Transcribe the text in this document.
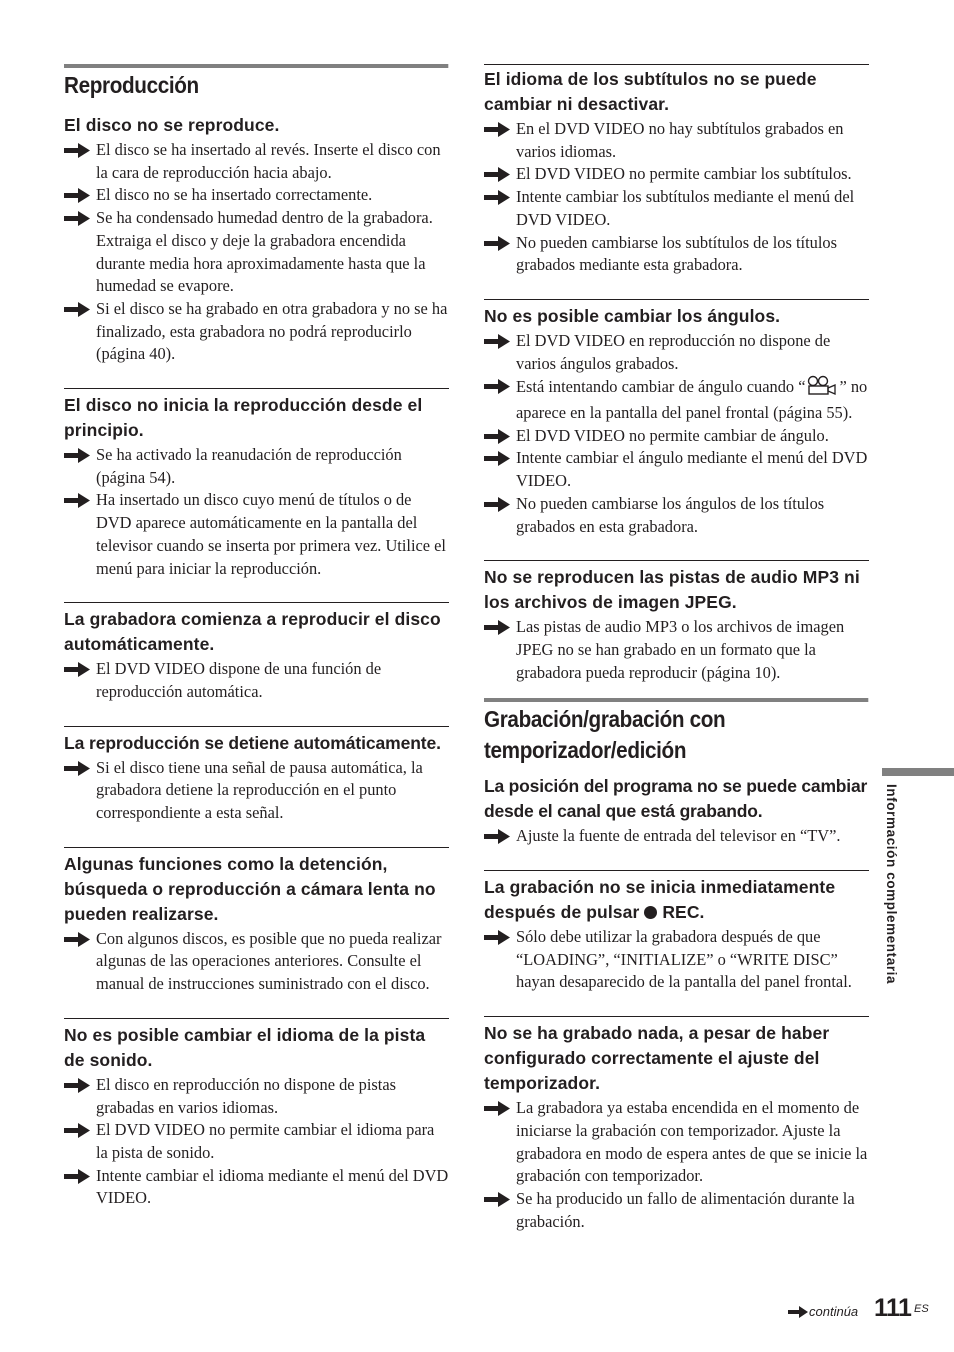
Reproducción
El disco no se reproduce.
El disco se ha insertado al revés. Inserte el disco con la cara de reproducción hacia abajo.
El disco no se ha insertado correctamente.
Se ha condensado humedad dentro de la grabadora. Extraiga el disco y deje la grabadora encendida durante media hora aproximadamente hasta que la humedad se evapore.
Si el disco se ha grabado en otra grabadora y no se ha finalizado, esta grabadora no podrá reproducirlo (página 40).
El disco no inicia la reproducción desde el principio.
Se ha activado la reanudación de reproducción (página 54).
Ha insertado un disco cuyo menú de títulos o de DVD aparece automáticamente en la pantalla del televisor cuando se inserta por primera vez. Utilice el menú para iniciar la reproducción.
La grabadora comienza a reproducir el disco automáticamente.
El DVD VIDEO dispone de una función de reproducción automática.
La reproducción se detiene automáticamente.
Si el disco tiene una señal de pausa automática, la grabadora detiene la reproducción en el punto correspondiente a esta señal.
Algunas funciones como la detención, búsqueda o reproducción a cámara lenta no pueden realizarse.
Con algunos discos, es posible que no pueda realizar algunas de las operaciones anteriores. Consulte el manual de instrucciones suministrado con el disco.
No es posible cambiar el idioma de la pista de sonido.
El disco en reproducción no dispone de pistas grabadas en varios idiomas.
El DVD VIDEO no permite cambiar el idioma para la pista de sonido.
Intente cambiar el idioma mediante el menú del DVD VIDEO.
El idioma de los subtítulos no se puede cambiar ni desactivar.
En el DVD VIDEO no hay subtítulos grabados en varios idiomas.
El DVD VIDEO no permite cambiar los subtítulos.
Intente cambiar los subtítulos mediante el menú del DVD VIDEO.
No pueden cambiarse los subtítulos de los títulos grabados mediante esta grabadora.
No es posible cambiar los ángulos.
El DVD VIDEO en reproducción no dispone de varios ángulos grabados.
Está intentando cambiar de ángulo cuando “ ” no aparece en la pantalla del panel frontal (página 55).
El DVD VIDEO no permite cambiar de ángulo.
Intente cambiar el ángulo mediante el menú del DVD VIDEO.
No pueden cambiarse los ángulos de los títulos grabados en esta grabadora.
No se reproducen las pistas de audio MP3 ni los archivos de imagen JPEG.
Las pistas de audio MP3 o los archivos de imagen JPEG no se han grabado en un formato que la grabadora pueda reproducir (página 10).
Grabación/grabación con temporizador/edición
La posición del programa no se puede cambiar desde el canal que está grabando.
Ajuste la fuente de entrada del televisor en “TV”.
La grabación no se inicia inmediatamente después de pulsar REC.
Sólo debe utilizar la grabadora después de que “LOADING”, “INITIALIZE” o “WRITE DISC” hayan desaparecido de la pantalla del panel frontal.
No se ha grabado nada, a pesar de haber configurado correctamente el ajuste del temporizador.
La grabadora ya estaba encendida en el momento de iniciarse la grabación con temporizador. Ajuste la grabadora en modo de espera antes de que se inicie la grabación con temporizador.
Se ha producido un fallo de alimentación durante la grabación.
Información complementaria
continúa 111 ES
